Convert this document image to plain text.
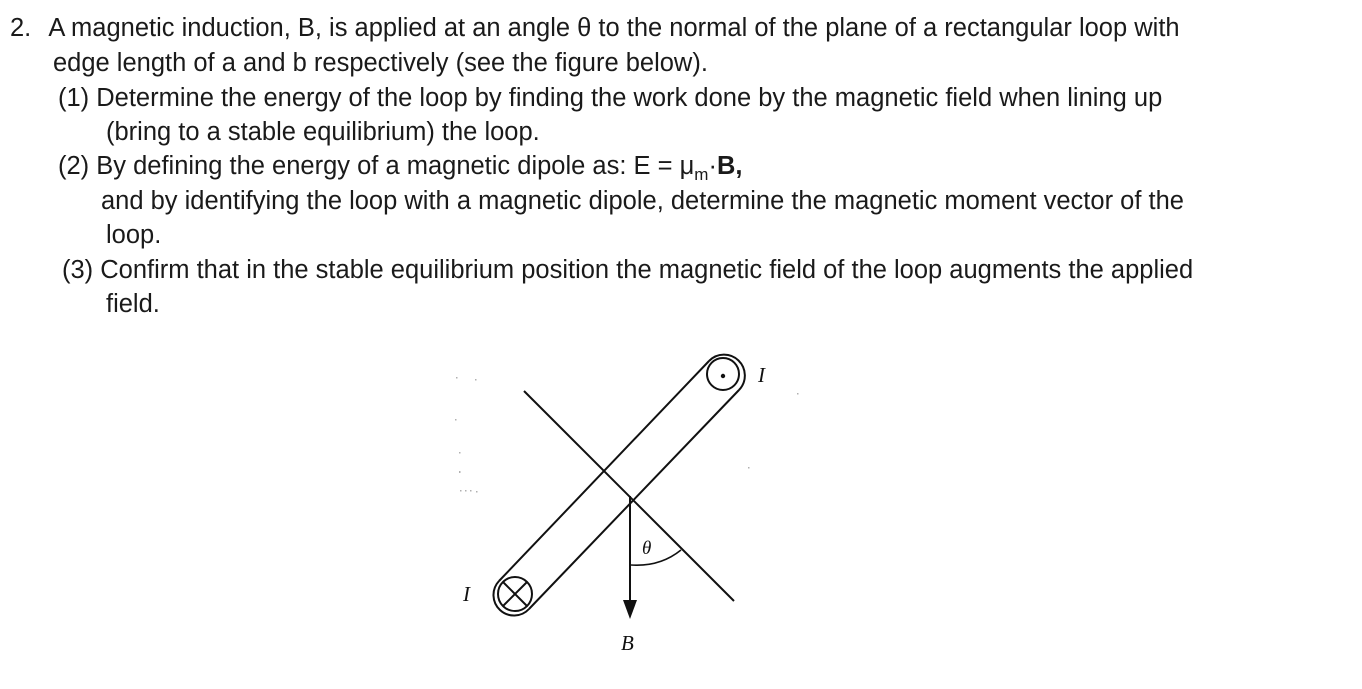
2. A magnetic induction, B, is applied at an angle θ to the normal of the plane of a rectangular loop with
edge length of a and b respectively (see the figure below).
(1) Determine the energy of the loop by finding the work done by the magnetic field when lining up
(bring to a stable equilibrium) the loop.
(2) By defining the energy of a magnetic dipole as: $E = \mu_m\cdot B$,
and by identifying the loop with a magnetic dipole, determine the magnetic moment vector of the
loop.
(3) Confirm that in the stable equilibrium position the magnetic field of the loop augments the applied
field.
I
I
θ
B
